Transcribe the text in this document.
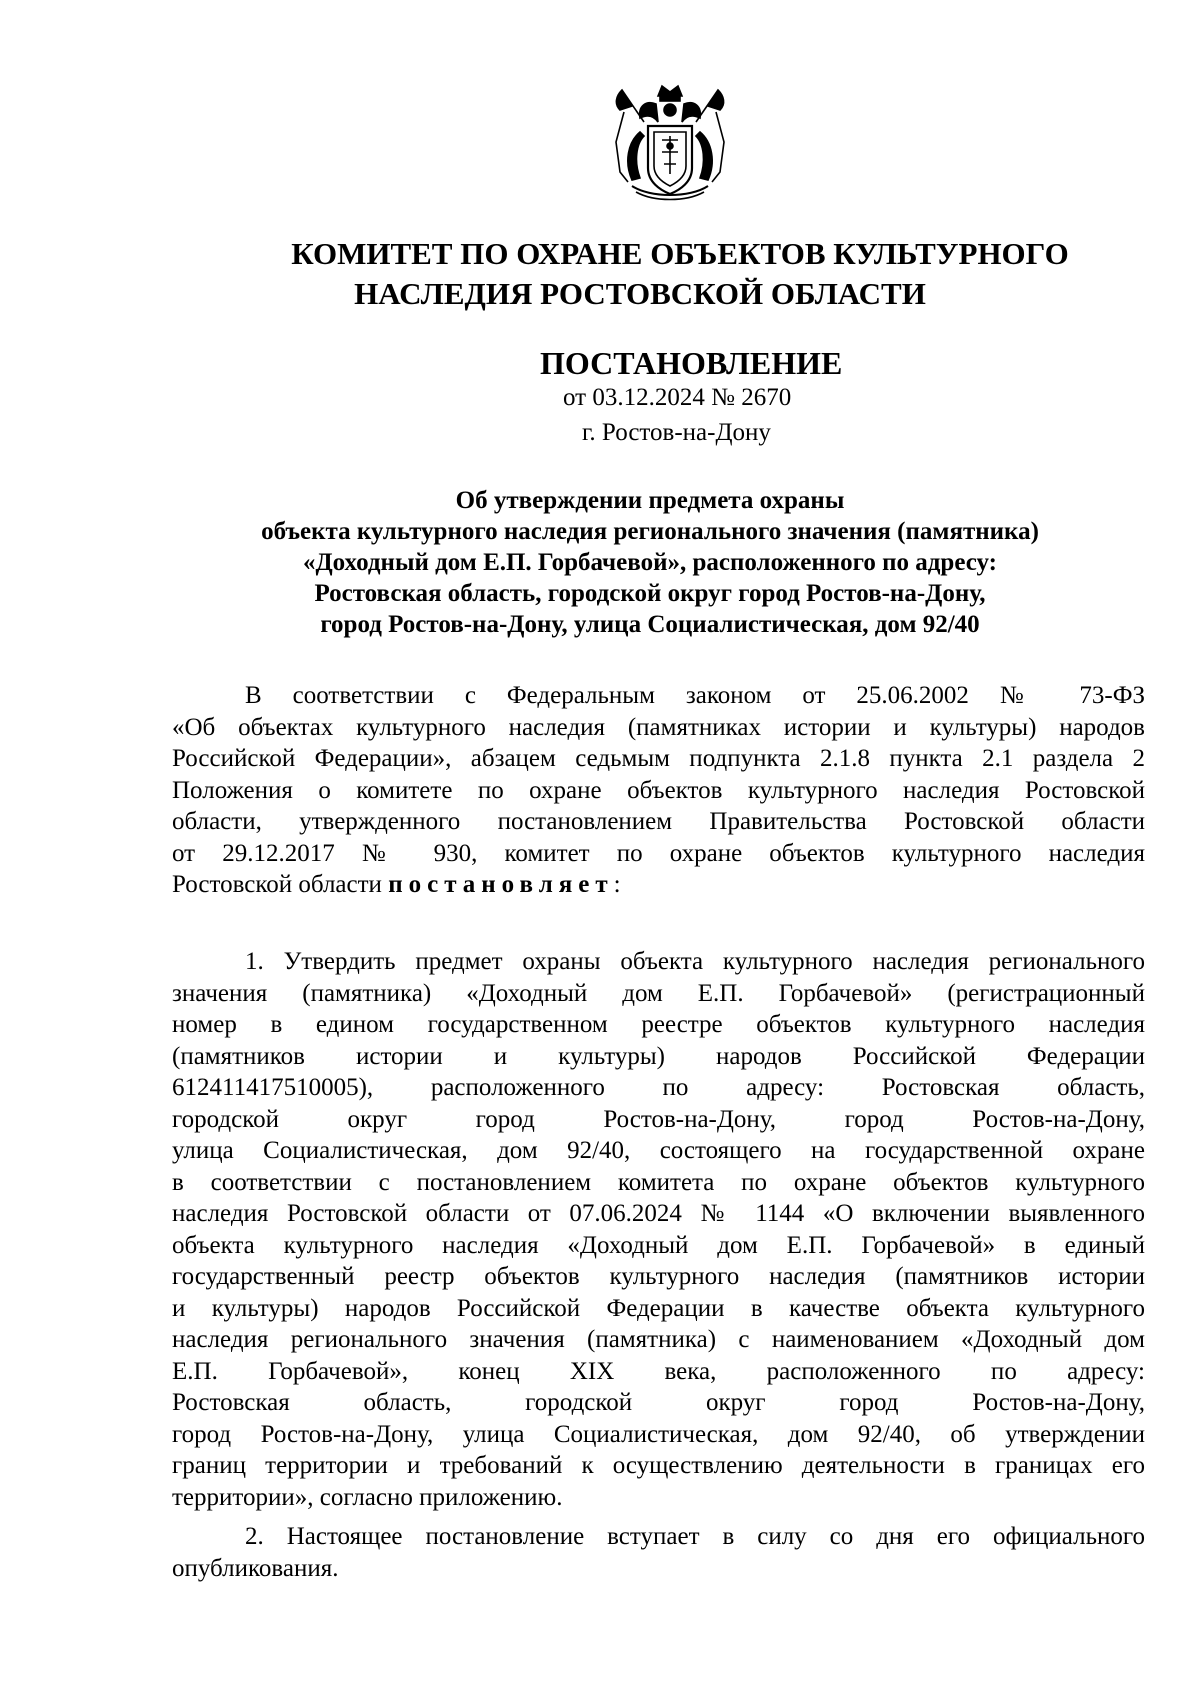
КОМИТЕТ ПО ОХРАНЕ ОБЪЕКТОВ КУЛЬТУРНОГО
НАСЛЕДИЯ РОСТОВСКОЙ ОБЛАСТИ
ПОСТАНОВЛЕНИЕ
от 03.12.2024 № 2670
г. Ростов-на-Дону
Об утверждении предмета охраны
объекта культурного наследия регионального значения (памятника)
«Доходный дом Е.П. Горбачевой», расположенного по адресу:
Ростовская область, городской округ город Ростов-на-Дону,
город Ростов-на-Дону, улица Социалистическая, дом 92/40
В соответствии с Федеральным законом от 25.06.2002 № 73-ФЗ
«Об объектах культурного наследия (памятниках истории и культуры) народов
Российской Федерации», абзацем седьмым подпункта 2.1.8 пункта 2.1 раздела 2
Положения о комитете по охране объектов культурного наследия Ростовской
области, утвержденного постановлением Правительства Ростовской области
от 29.12.2017 № 930, комитет по охране объектов культурного наследия
Ростовской области постановляет:
1. Утвердить предмет охраны объекта культурного наследия регионального
значения (памятника) «Доходный дом Е.П. Горбачевой» (регистрационный
номер в едином государственном реестре объектов культурного наследия
(памятников истории и культуры) народов Российской Федерации
612411417510005), расположенного по адресу: Ростовская область,
городской округ город Ростов-на-Дону, город Ростов-на-Дону,
улица Социалистическая, дом 92/40, состоящего на государственной охране
в соответствии с постановлением комитета по охране объектов культурного
наследия Ростовской области от 07.06.2024 № 1144 «О включении выявленного
объекта культурного наследия «Доходный дом Е.П. Горбачевой» в единый
государственный реестр объектов культурного наследия (памятников истории
и культуры) народов Российской Федерации в качестве объекта культурного
наследия регионального значения (памятника) с наименованием «Доходный дом
Е.П. Горбачевой», конец XIX века, расположенного по адресу:
Ростовская область, городской округ город Ростов-на-Дону,
город Ростов-на-Дону, улица Социалистическая, дом 92/40, об утверждении
границ территории и требований к осуществлению деятельности в границах его
территории», согласно приложению.
2. Настоящее постановление вступает в силу со дня его официального
опубликования.
